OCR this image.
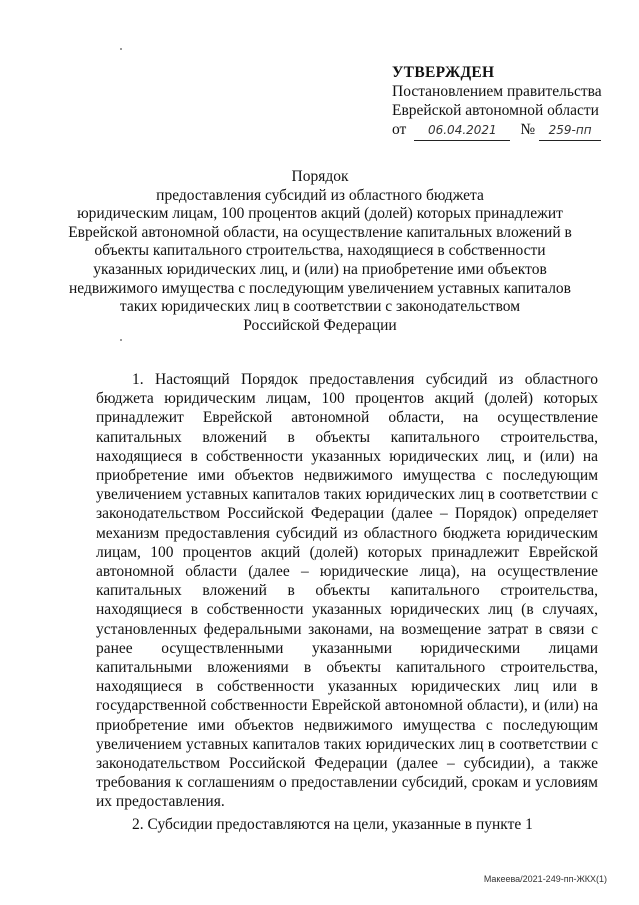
УТВЕРЖДЕН
Постановлением правительства
Еврейской автономной области
от	06.04.2021	№	259-пп
Порядок
предоставления субсидий из областного бюджета
юридическим лицам, 100 процентов акций (долей) которых принадлежит
Еврейской автономной области, на осуществление капитальных вложений в
объекты капитального строительства, находящиеся в собственности
указанных юридических лиц, и (или) на приобретение ими объектов
недвижимого имущества с последующим увеличением уставных капиталов
таких юридических лиц в соответствии с законодательством
Российской Федерации

1. Настоящий Порядок предоставления субсидий из областного бюджета юридическим лицам, 100 процентов акций (долей) которых принадлежит Еврейской автономной области, на осуществление капитальных вложений в объекты капитального строительства, находящиеся в собственности указанных юридических лиц, и (или) на приобретение ими объектов недвижимого имущества с последующим увеличением уставных капиталов таких юридических лиц в соответствии с законодательством Российской Федерации (далее – Порядок) определяет механизм предоставления субсидий из областного бюджета юридическим лицам, 100 процентов акций (долей) которых принадлежит Еврейской автономной области (далее – юридические лица), на осуществление капитальных вложений в объекты капитального строительства, находящиеся в собственности указанных юридических лиц (в случаях, установленных федеральными законами, на возмещение затрат в связи с ранее осуществленными указанными юридическими лицами капитальными вложениями в объекты капитального строительства, находящиеся в собственности указанных юридических лиц или в государственной собственности Еврейской автономной области), и (или) на приобретение ими объектов недвижимого имущества с последующим увеличением уставных капиталов таких юридических лиц в соответствии с законодательством Российской Федерации (далее – субсидии), а также требования к соглашениям о предоставлении субсидий, срокам и условиям их предоставления.

2. Субсидии предоставляются на цели, указанные в пункте 1

Макеева/2021-249-пп-ЖКХ(1)
